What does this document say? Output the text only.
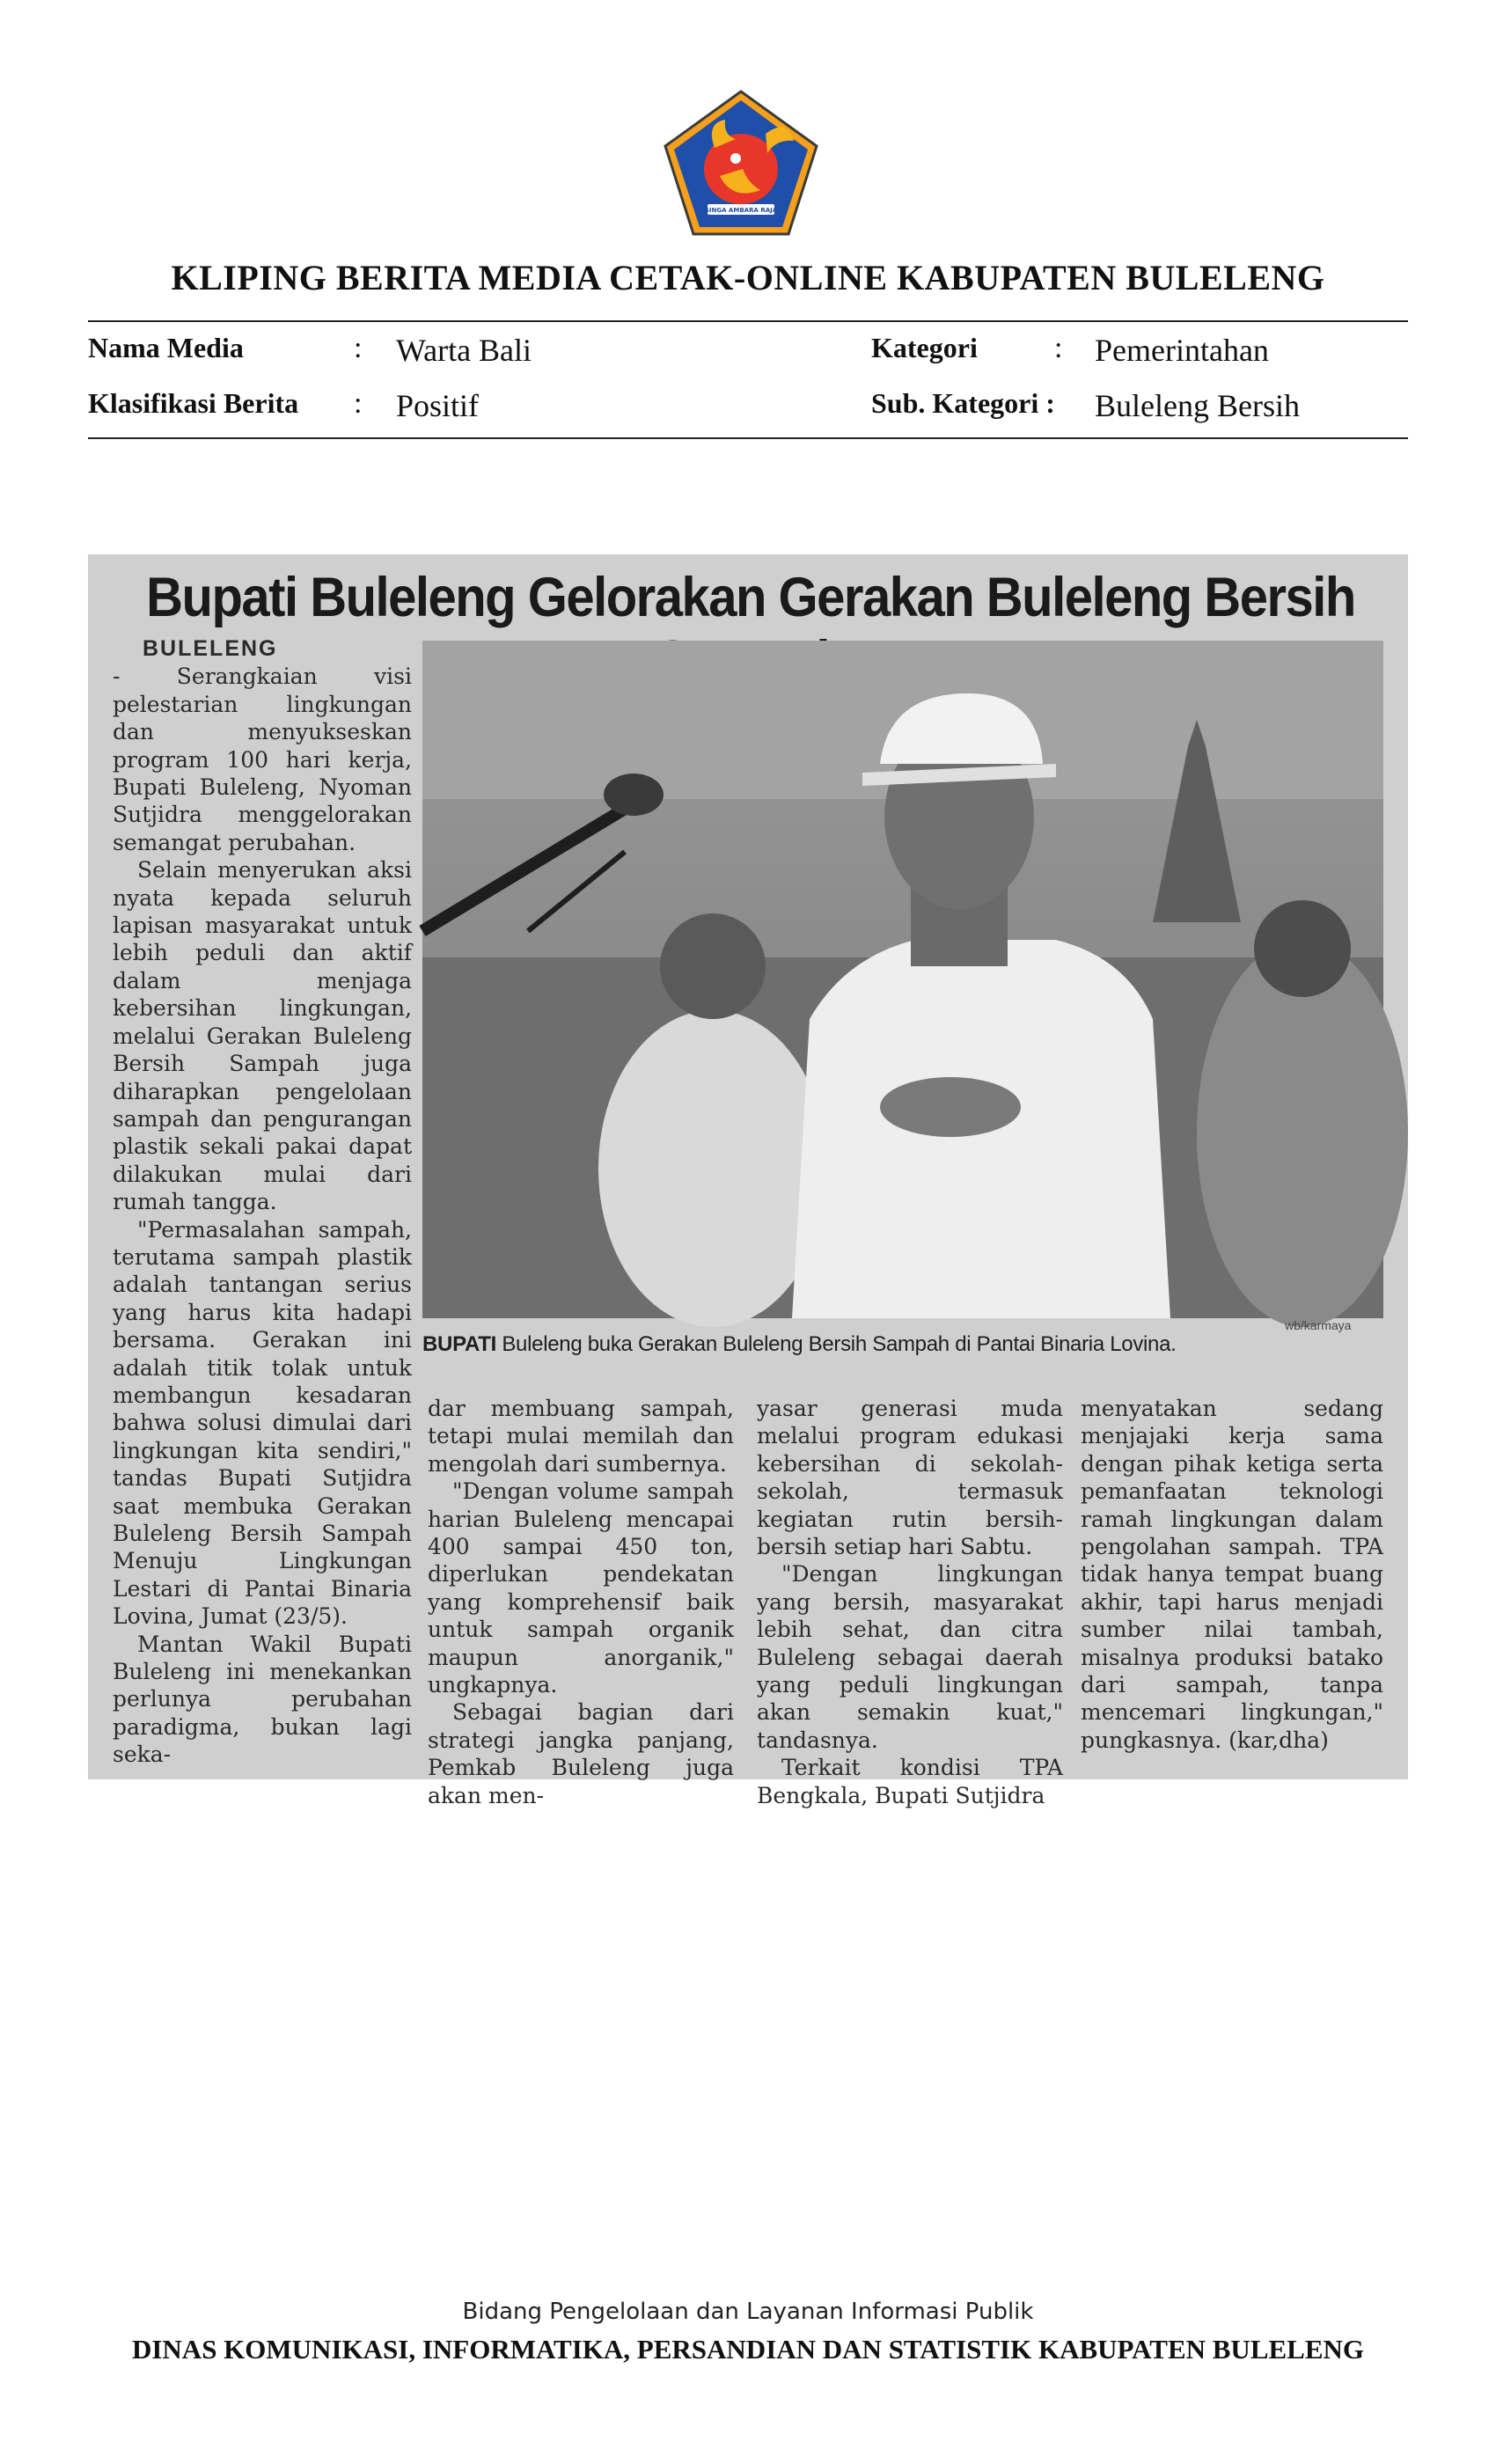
SINGA AMBARA RAJA
KLIPING BERITA MEDIA CETAK-ONLINE KABUPATEN BULELENG
Nama Media	: Warta Bali	Kategori	: Pemerintahan
Klasifikasi Berita : Positif	Sub. Kategori : Buleleng Bersih
Bupati Buleleng Gelorakan Gerakan Buleleng Bersih
BULELENG

- Serangkaian visi pelestarian lingkungan dan menyukseskan program 100 hari kerja, Bupati Buleleng, Nyoman Sutjidra menggelorakan semangat perubahan.

Selain menyerukan aksi nyata kepada seluruh lapisan masyarakat untuk lebih peduli dan aktif dalam menjaga kebersihan lingkungan, melalui Gerakan Buleleng Bersih Sampah juga diharapkan pengelolaan sampah dan pengurangan plastik sekali pakai dapat dilakukan mulai dari rumah tangga.

"Permasalahan sampah, terutama sampah plastik adalah tantangan serius yang harus kita hadapi bersama. Gerakan ini adalah titik tolak untuk membangun kesadaran bahwa solusi dimulai dari lingkungan kita sendiri," tandas Bupati Sutjidra saat membuka Gerakan Buleleng Bersih Sampah Menuju Lingkungan Lestari di Pantai Binaria Lovina, Jumat (23/5).

Mantan Wakil Bupati Buleleng ini menekankan perlunya perubahan paradigma, bukan lagi seka-

wb/karmaya
BUPATI Buleleng buka Gerakan Buleleng Bersih Sampah di Pantai Binaria Lovina.

dar membuang sampah, tetapi mulai memilah dan mengolah dari sumbernya.

"Dengan volume sampah harian Buleleng mencapai 400 sampai 450 ton, diperlukan pendekatan yang komprehensif baik untuk sampah organik maupun anorganik," ungkapnya.

Sebagai bagian dari strategi jangka panjang, Pemkab Buleleng juga akan men-

yasar generasi muda melalui program edukasi kebersihan di sekolah-sekolah, termasuk kegiatan rutin bersih-bersih setiap hari Sabtu.

"Dengan lingkungan yang bersih, masyarakat lebih sehat, dan citra Buleleng sebagai daerah yang peduli lingkungan akan semakin kuat," tandasnya.

Terkait kondisi TPA Bengkala, Bupati Sutjidra

menyatakan sedang menjajaki kerja sama dengan pihak ketiga serta pemanfaatan teknologi ramah lingkungan dalam pengolahan sampah. TPA tidak hanya tempat buang akhir, tapi harus menjadi sumber nilai tambah, misalnya produksi batako dari sampah, tanpa mencemari lingkungan," pungkasnya. (kar,dha)

Bidang Pengelolaan dan Layanan Informasi Publik
DINAS KOMUNIKASI, INFORMATIKA, PERSANDIAN DAN STATISTIK KABUPATEN BULELENG
